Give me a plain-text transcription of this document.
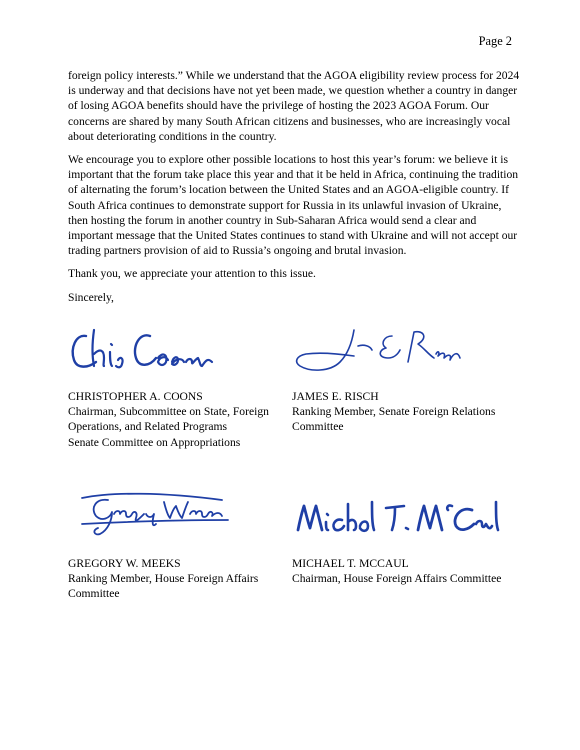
Page 2

foreign policy interests.” While we understand that the AGOA eligibility review process for 2024 is underway and that decisions have not yet been made, we question whether a country in danger of losing AGOA benefits should have the privilege of hosting the 2023 AGOA Forum. Our concerns are shared by many South African citizens and businesses, who are increasingly vocal about deteriorating conditions in the country.

We encourage you to explore other possible locations to host this year’s forum: we believe it is important that the forum take place this year and that it be held in Africa, continuing the tradition of alternating the forum’s location between the United States and an AGOA-eligible country. If South Africa continues to demonstrate support for Russia in its unlawful invasion of Ukraine, then hosting the forum in another country in Sub-Saharan Africa would send a clear and important message that the United States continues to stand with Ukraine and will not accept our trading partners provision of aid to Russia’s ongoing and brutal invasion.

Thank you, we appreciate your attention to this issue.

Sincerely,

CHRISTOPHER A. COONS
Chairman, Subcommittee on State, Foreign
Operations, and Related Programs
Senate Committee on Appropriations
JAMES E. RISCH
Ranking Member, Senate Foreign Relations
Committee
GREGORY W. MEEKS
Ranking Member, House Foreign Affairs
Committee
MICHAEL T. MCCAUL
Chairman, House Foreign Affairs Committee
